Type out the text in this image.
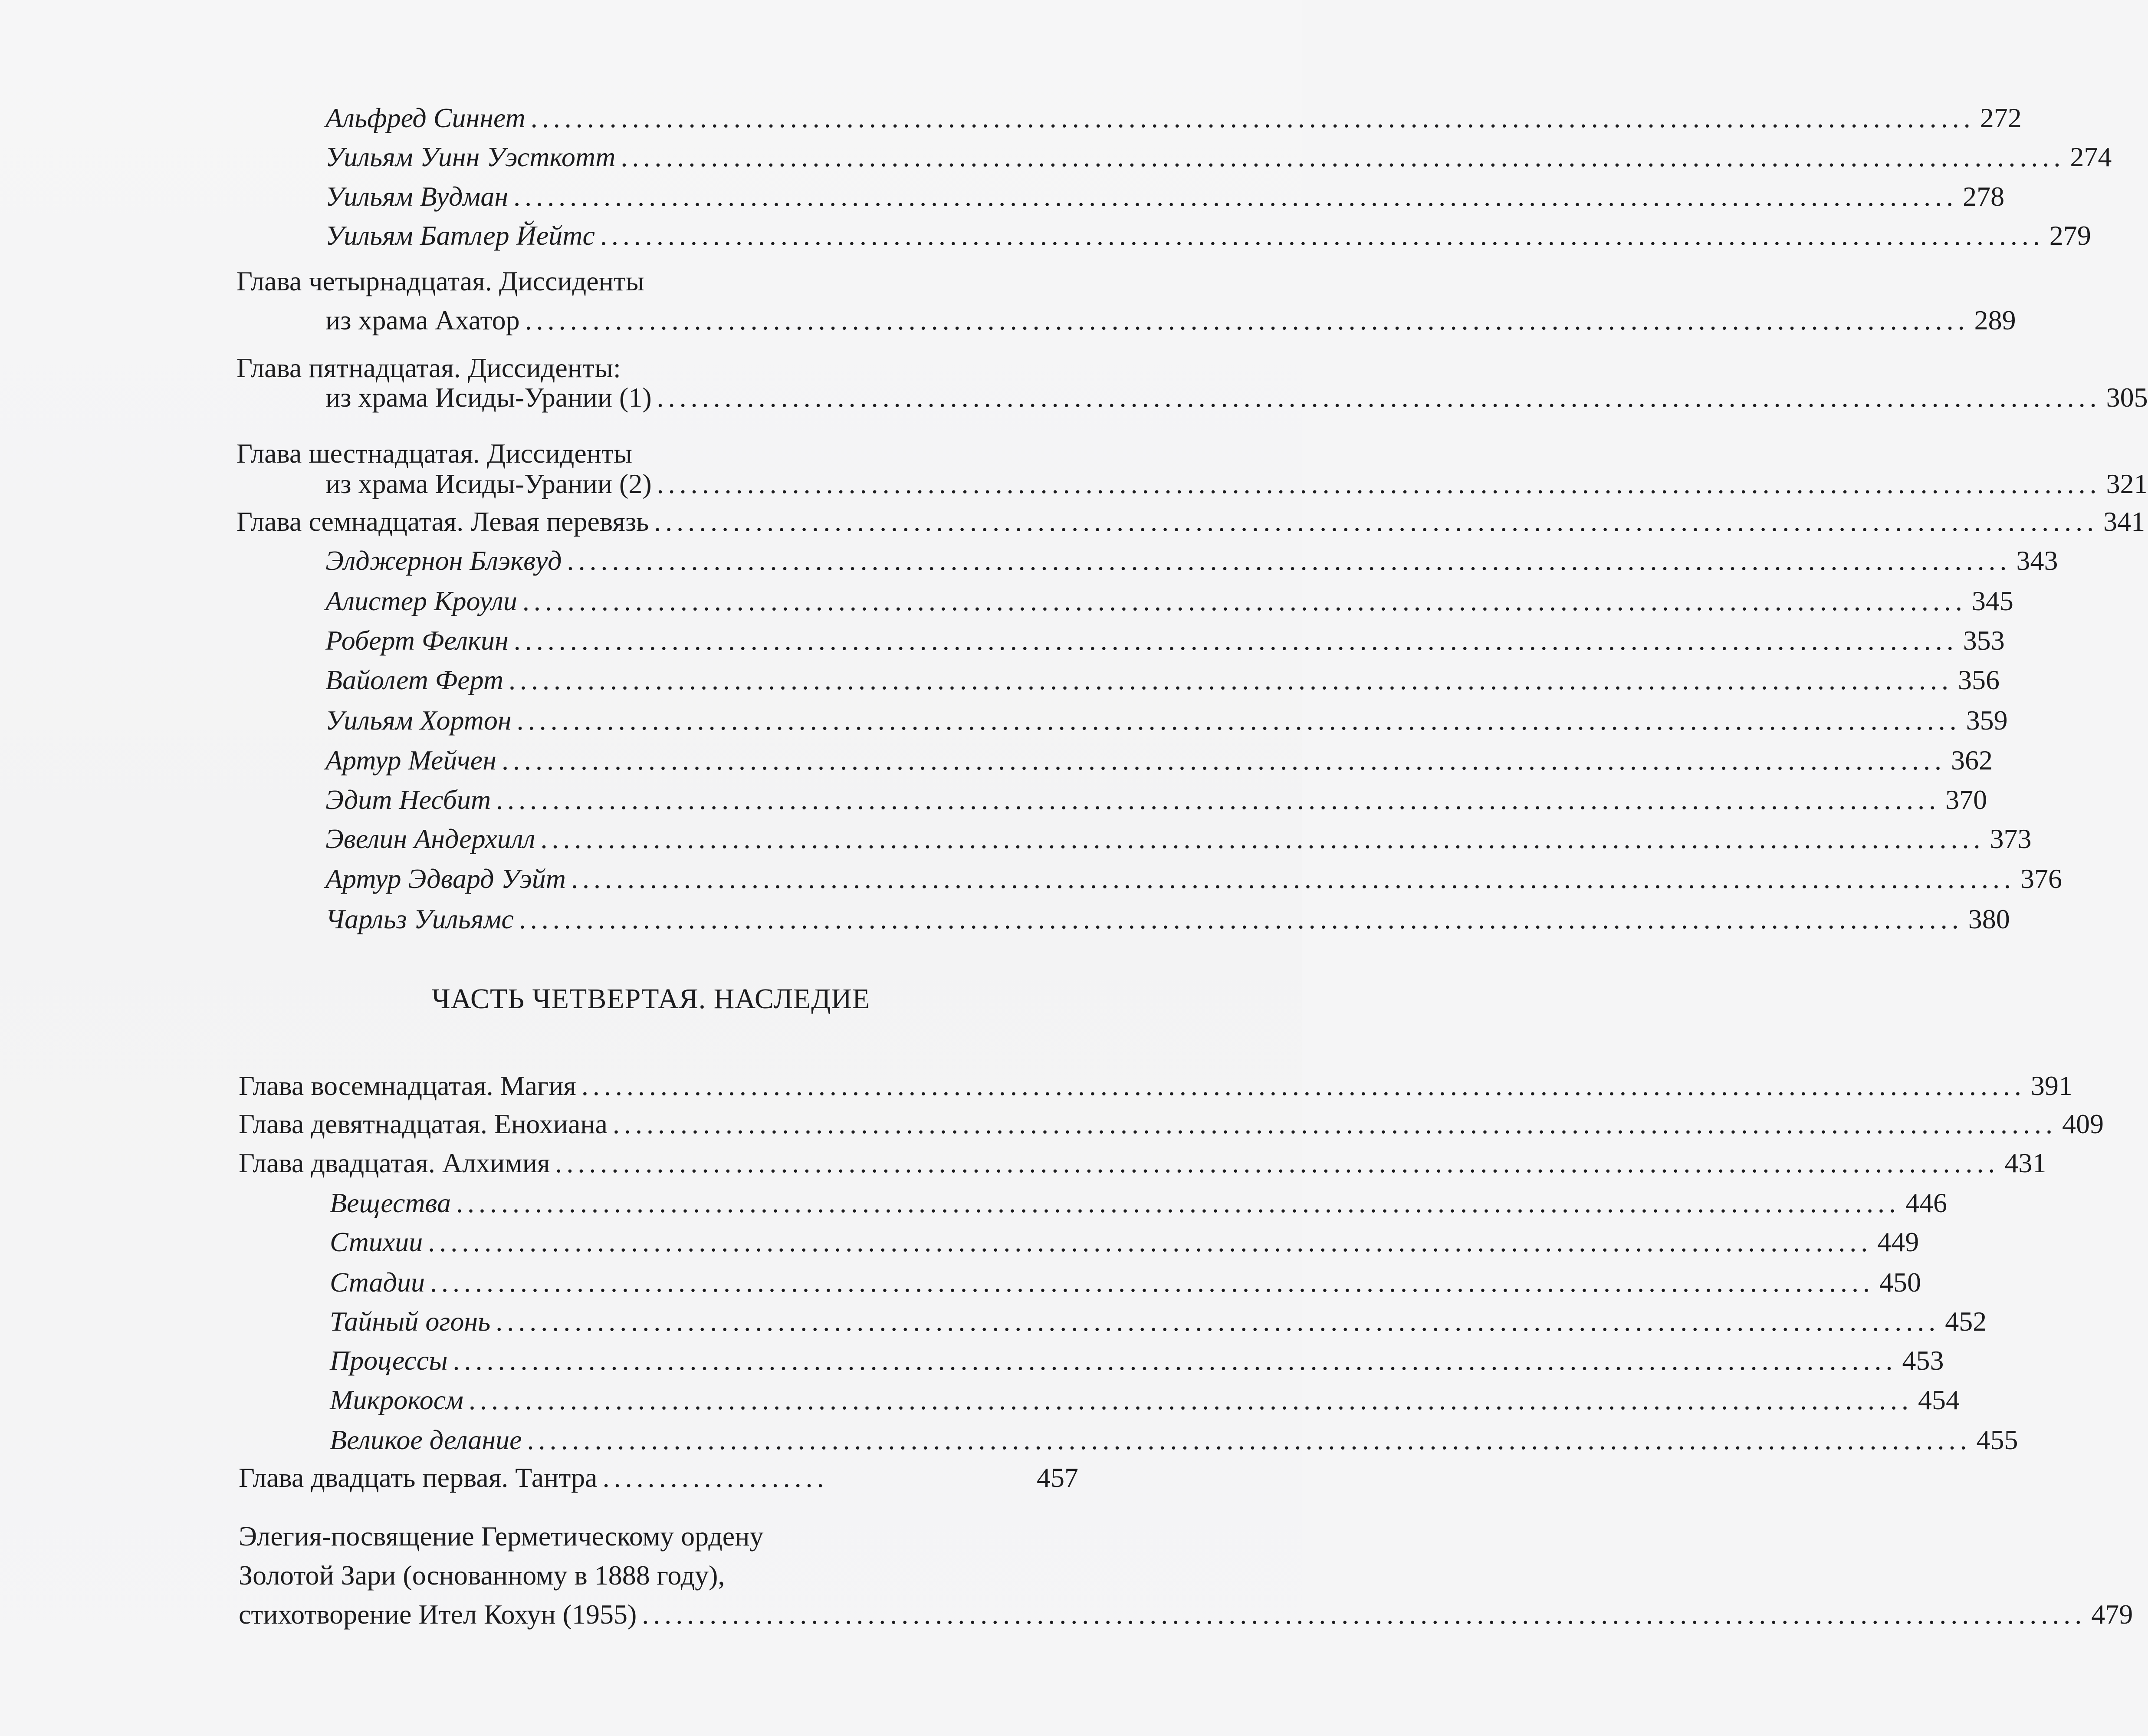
Альфред Синнет ................................................................................................................................ 272
Уильям Уинн Уэсткотт ................................................................................................................................ 274
Уильям Вудман ................................................................................................................................ 278
Уильям Батлер Йейтс ................................................................................................................................ 279
Глава четырнадцатая. Диссиденты
из храма Ахатор ................................................................................................................................ 289
Глава пятнадцатая. Диссиденты:
из храма Исиды-Урании (1) ................................................................................................................................ 305
Глава шестнадцатая. Диссиденты
из храма Исиды-Урании (2) ................................................................................................................................ 321
Глава семнадцатая. Левая перевязь ................................................................................................................................ 341
Элджернон Блэквуд ................................................................................................................................ 343
Алистер Кроули ................................................................................................................................ 345
Роберт Фелкин ................................................................................................................................ 353
Вайолет Ферт ................................................................................................................................ 356
Уильям Хортон ................................................................................................................................ 359
Артур Мейчен ................................................................................................................................ 362
Эдит Несбит ................................................................................................................................ 370
Эвелин Андерхилл ................................................................................................................................ 373
Артур Эдвард Уэйт ................................................................................................................................ 376
Чарльз Уильямс ................................................................................................................................ 380
ЧАСТЬ ЧЕТВЕРТАЯ. НАСЛЕДИЕ
Глава восемнадцатая. Магия ................................................................................................................................ 391
Глава девятнадцатая. Енохиана ................................................................................................................................ 409
Глава двадцатая. Алхимия ................................................................................................................................ 431
Вещества ................................................................................................................................ 446
Стихии ................................................................................................................................ 449
Стадии ................................................................................................................................ 450
Тайный огонь ................................................................................................................................ 452
Процессы ................................................................................................................................ 453
Микрокосм ................................................................................................................................ 454
Великое делание ................................................................................................................................ 455
Глава двадцать первая. Тантра ....................	457
Элегия-посвящение Герметическому ордену
Золотой Зари (основанному в 1888 году),
стихотворение Ител Кохун (1955) ................................................................................................................................ 479
